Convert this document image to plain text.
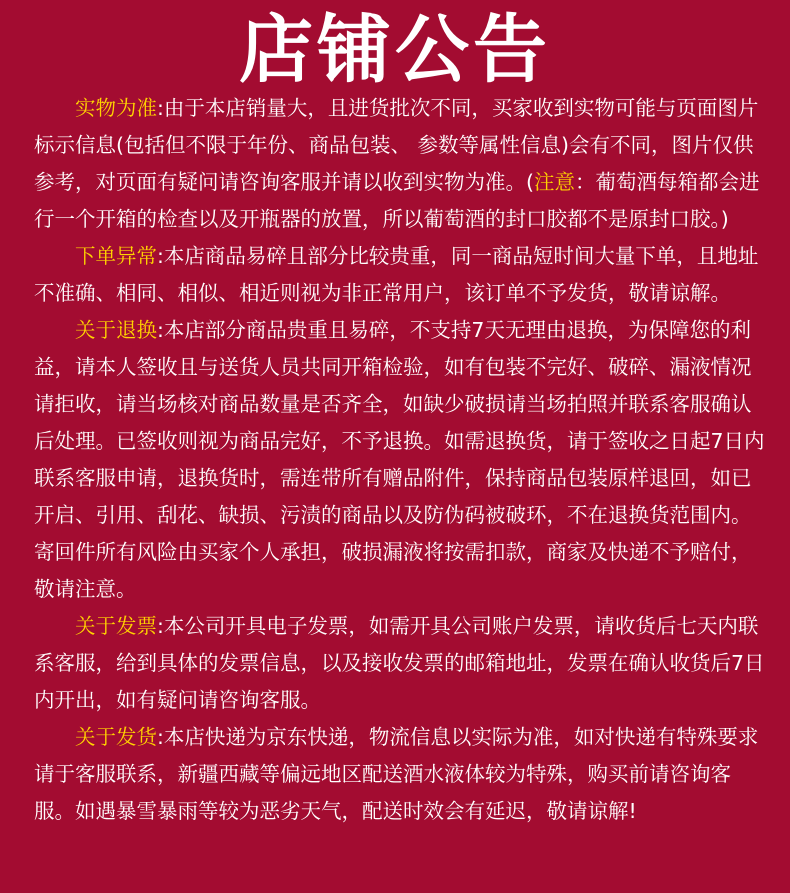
店铺公告

实物为准:由于本店销量大，且进货批次不同，买家收到实物可能与页面图片标示信息(包括但不限于年份、商品包装、 参数等属性信息)会有不同，图片仅供参考，对页面有疑问请咨询客服并请以收到实物为准。(注意：葡萄酒每箱都会进行一个开箱的检查以及开瓶器的放置，所以葡萄酒的封口胶都不是原封口胶。)

下单异常:本店商品易碎且部分比较贵重，同一商品短时间大量下单，且地址不准确、相同、相似、相近则视为非正常用户，该订单不予发货，敬请谅解。

关于退换:本店部分商品贵重且易碎，不支持7天无理由退换，为保障您的利益，请本人签收且与送货人员共同开箱检验，如有包装不完好、破碎、漏液情况请拒收，请当场核对商品数量是否齐全，如缺少破损请当场拍照并联系客服确认后处理。已签收则视为商品完好，不予退换。如需退换货，请于签收之日起7日内联系客服申请，退换货时，需连带所有赠品附件，保持商品包装原样退回，如已开启、引用、刮花、缺损、污渍的商品以及防伪码被破环，不在退换货范围内。寄回件所有风险由买家个人承担，破损漏液将按需扣款，商家及快递不予赔付，敬请注意。

关于发票:本公司开具电子发票，如需开具公司账户发票，请收货后七天内联系客服，给到具体的发票信息，以及接收发票的邮箱地址，发票在确认收货后7日内开出，如有疑问请咨询客服。

关于发货:本店快递为京东快递，物流信息以实际为准，如对快递有特殊要求请于客服联系，新疆西藏等偏远地区配送酒水液体较为特殊，购买前请咨询客服。如遇暴雪暴雨等较为恶劣天气，配送时效会有延迟，敬请谅解!
